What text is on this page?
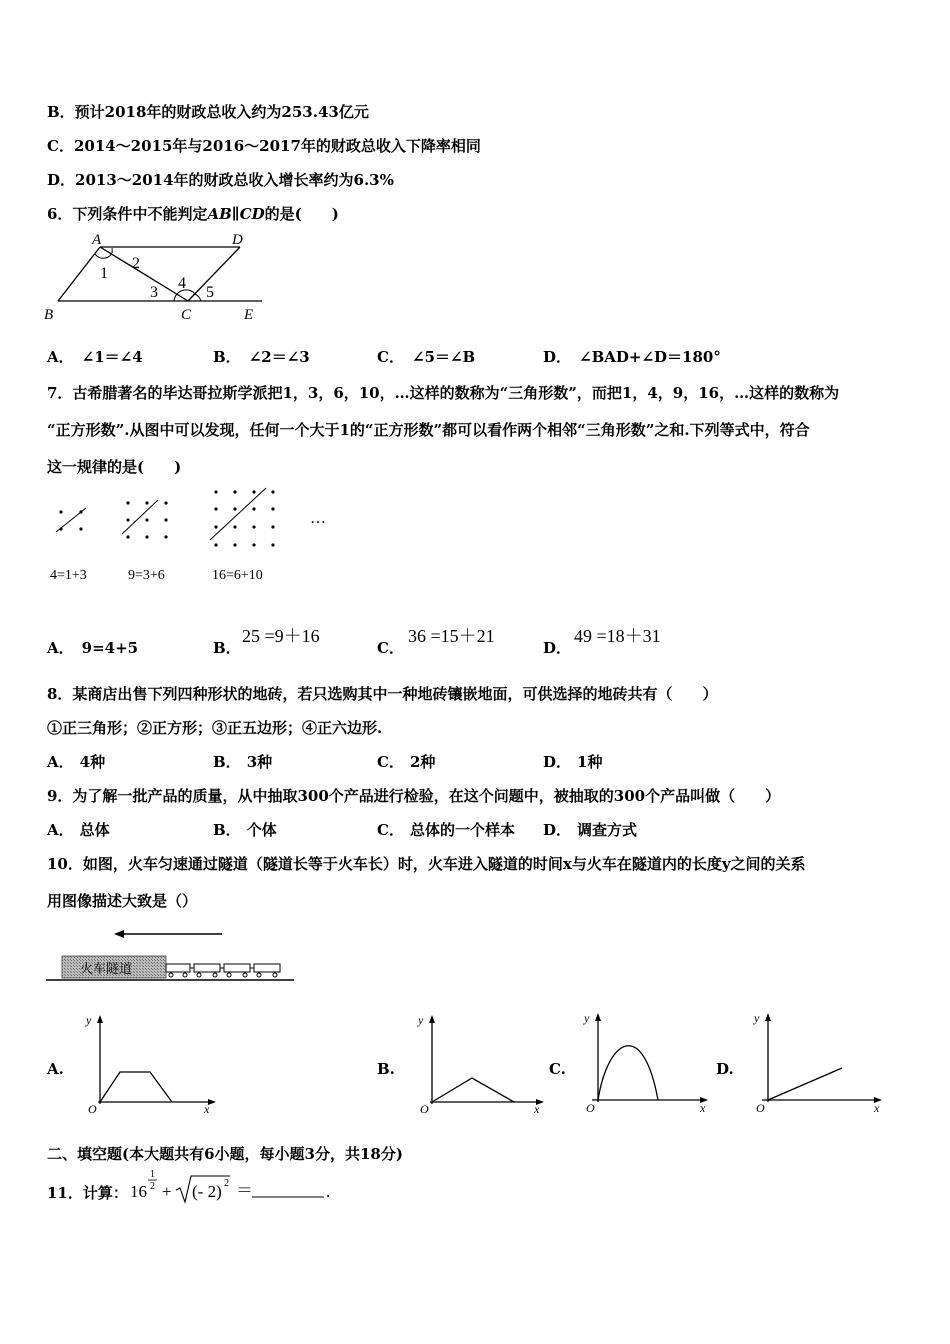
B．预计2018年的财政总收入约为253.43亿元
C．2014～2015年与2016～2017年的财政总收入下降率相同
D．2013～2014年的财政总收入增长率约为6.3%
6．下列条件中不能判定AB∥CD的是(　　)
A	D
B	C	E
1
2
3
4
5
A． ∠1＝∠4	B． ∠2＝∠3	C． ∠5＝∠B	D． ∠BAD+∠D＝180°
7．古希腊著名的毕达哥拉斯学派把1，3，6，10，…这样的数称为“三角形数”，而把1，4，9，16，…这样的数称为
“正方形数”.从图中可以发现，任何一个大于1的“正方形数”都可以看作两个相邻“三角形数”之和.下列等式中，符合
这一规律的是(　　)
…
4=1+3	9=3+6	16=6+10
A． 9=4+5	B．
25 =9＋16
C．
36 =15＋21
D．
49 =18＋31
8．某商店出售下列四种形状的地砖，若只选购其中一种地砖镶嵌地面，可供选择的地砖共有（　　）
①正三角形；②正方形；③正五边形；④正六边形.
A． 4种	B． 3种	C． 2种	D． 1种
9．为了解一批产品的质量，从中抽取300个产品进行检验，在这个问题中，被抽取的300个产品叫做（　　）
A． 总体	B． 个体	C． 总体的一个样本 D． 调查方式
10．如图，火车匀速通过隧道（隧道长等于火车长）时，火车进入隧道的时间x与火车在隧道内的长度y之间的关系
用图像描述大致是（）
火车隧道
A.
y
O	x
B.
y
O	x
C.
y
O	x
D.
y
O	x
二、填空题(本大题共有6小题，每小题3分，共18分)
11．计算： 16
1
2 + (- 2) 2 ＝	.
